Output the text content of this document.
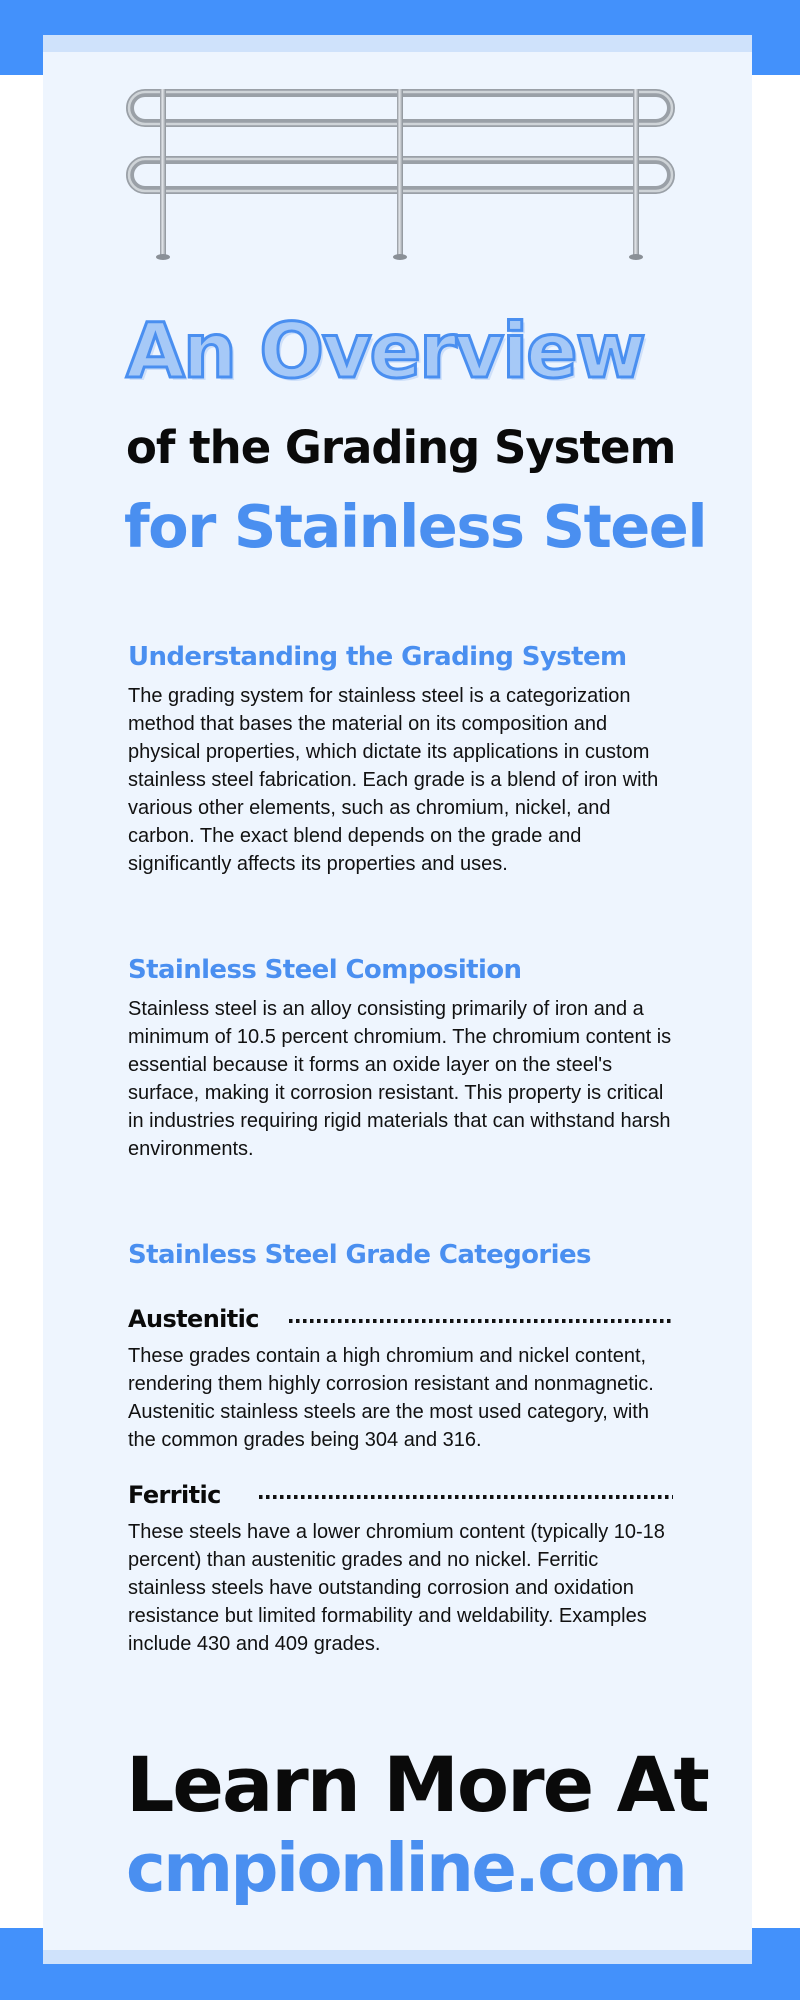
An Overview
of the Grading System
for Stainless Steel
Understanding the Grading System
The grading system for stainless steel is a categorization method that bases the material on its composition and physical properties, which dictate its applications in custom stainless steel fabrication. Each grade is a blend of iron with various other elements, such as chromium, nickel, and carbon. The exact blend depends on the grade and significantly affects its properties and uses.
Stainless Steel Composition
Stainless steel is an alloy consisting primarily of iron and a minimum of 10.5 percent chromium. The chromium content is essential because it forms an oxide layer on the steel's surface, making it corrosion resistant. This property is critical in industries requiring rigid materials that can withstand harsh environments.
Stainless Steel Grade Categories
Austenitic
These grades contain a high chromium and nickel content, rendering them highly corrosion resistant and nonmagnetic. Austenitic stainless steels are the most used category, with the common grades being 304 and 316.
Ferritic
These steels have a lower chromium content (typically 10-18 percent) than austenitic grades and no nickel. Ferritic stainless steels have outstanding corrosion and oxidation resistance but limited formability and weldability. Examples include 430 and 409 grades.
Learn More At
cmpionline.com
